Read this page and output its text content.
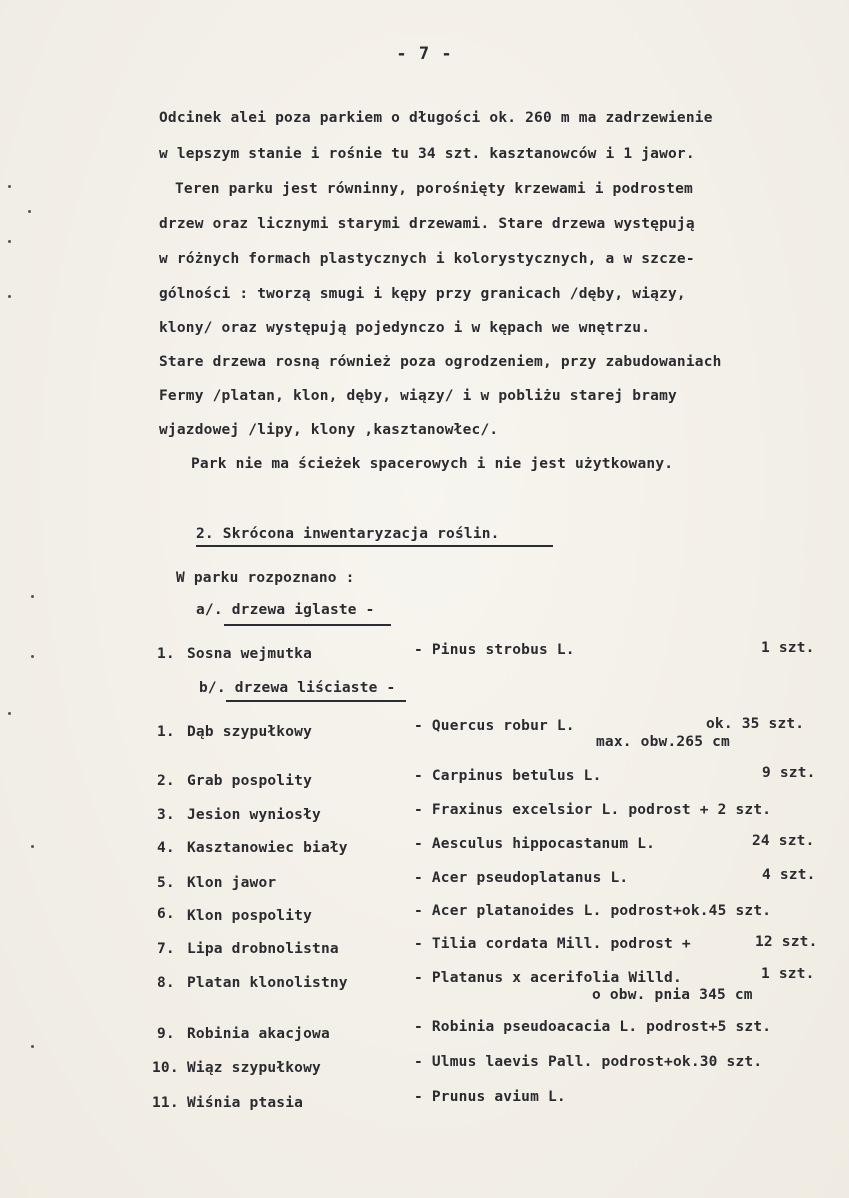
- 7 -
Odcinek alei poza parkiem o długości ok. 260 m ma zadrzewienie
w lepszym stanie i rośnie tu 34 szt. kasztanowców i 1 jawor.
Teren parku jest równinny, porośnięty krzewami i podrostem
drzew oraz licznymi starymi drzewami. Stare drzewa występują
w różnych formach plastycznych i kolorystycznych, a w szcze-
gólności : tworzą smugi i kępy przy granicach /dęby, wiązy,
klony/ oraz występują pojedynczo i w kępach we wnętrzu.
Stare drzewa rosną również poza ogrodzeniem, przy zabudowaniach
Fermy /platan, klon, dęby, wiązy/ i w pobliżu starej bramy
wjazdowej /lipy, klony ,kasztanowłec/.
Park nie ma ścieżek spacerowych i nie jest użytkowany.
2. Skrócona inwentaryzacja roślin.
W parku rozpoznano :
a/. drzewa iglaste -
1. Sosna wejmutka	- Pinus strobus L.	1 szt.
b/. drzewa liściaste -
1. Dąb szypułkowy	- Quercus robur L.	ok. 35 szt.
max. obw.265 cm
2. Grab pospolity	- Carpinus betulus L.	9 szt.
3. Jesion wyniosły	- Fraxinus excelsior L. podrost + 2 szt.
4. Kasztanowiec biały	- Aesculus hippocastanum L.	24 szt.
5. Klon jawor	- Acer pseudoplatanus L.	4 szt.
6. Klon pospolity	- Acer platanoides L. podrost+ok.45 szt.
7. Lipa drobnolistna	- Tilia cordata Mill. podrost +	12 szt.
8. Platan klonolistny	- Platanus x acerifolia Willd.	1 szt.
o obw. pnia 345 cm
9. Robinia akacjowa	- Robinia pseudoacacia L. podrost+5 szt.
10. Wiąz szypułkowy	- Ulmus laevis Pall. podrost+ok.30 szt.
11. Wiśnia ptasia	- Prunus avium L.
